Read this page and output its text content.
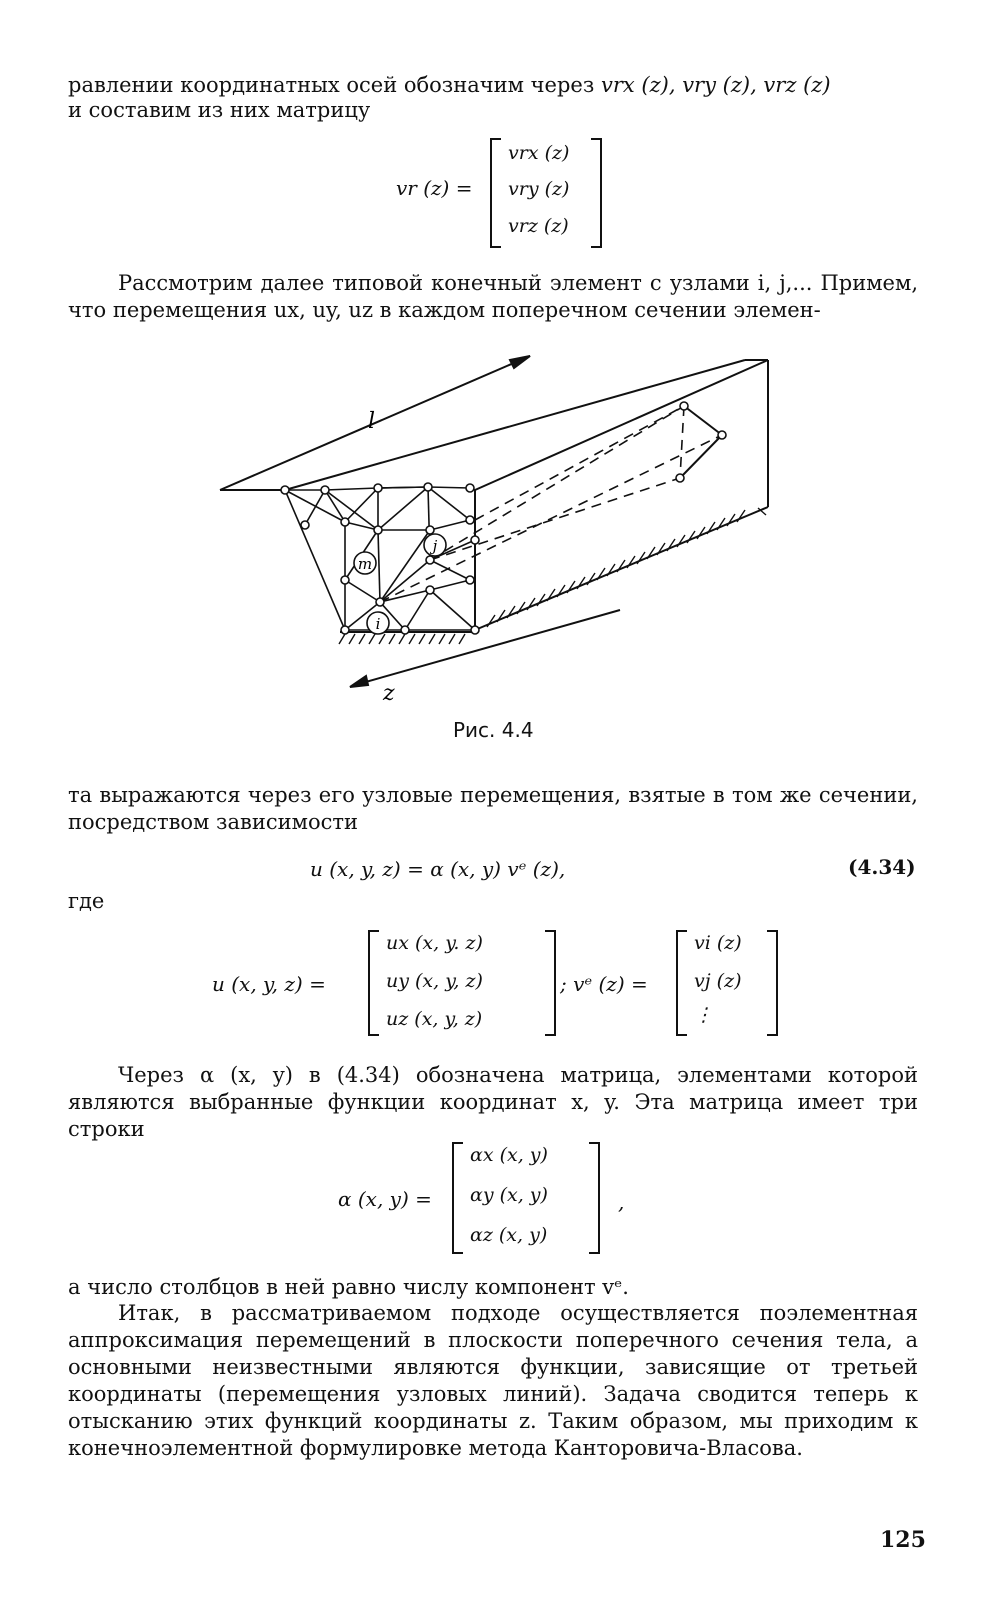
равлении координатных осей обозначим через vrx (z), vry (z), vrz (z)
и составим из них матрицу
vr (z) =
vrx (z)
vry (z)
vrz (z)

Рассмотрим далее типовой конечный элемент с узлами i, j,... Примем, что перемещения ux, uy, uz в каждом поперечном сечении элемен-

m
j
i
l
z
Рис. 4.4

та выражаются через его узловые перемещения, взятые в том же сечении, посредством зависимости

u (x, y, z) = α (x, y) vᵉ (z),	(4.34)
где
u (x, y, z) =
ux (x, y. z)
uy (x, y, z)
uz (x, y, z)
; vᵉ (z) =
vi (z)
vj (z)
⋮

Через α (x, y) в (4.34) обозначена матрица, элементами которой являются выбранные функции координат x, y. Эта матрица имеет три строки

α (x, y) =
αx (x, y)
αy (x, y)
αz (x, y)
,

а число столбцов в ней равно числу компонент vᵉ.

Итак, в рассматриваемом подходе осуществляется поэлементная аппроксимация перемещений в плоскости поперечного сечения тела, а основными неизвестными являются функции, зависящие от третьей координаты (перемещения узловых линий). Задача сводится теперь к отысканию этих функций координаты z. Таким образом, мы приходим к конечноэлементной формулировке метода Канторовича-Власова.

125
